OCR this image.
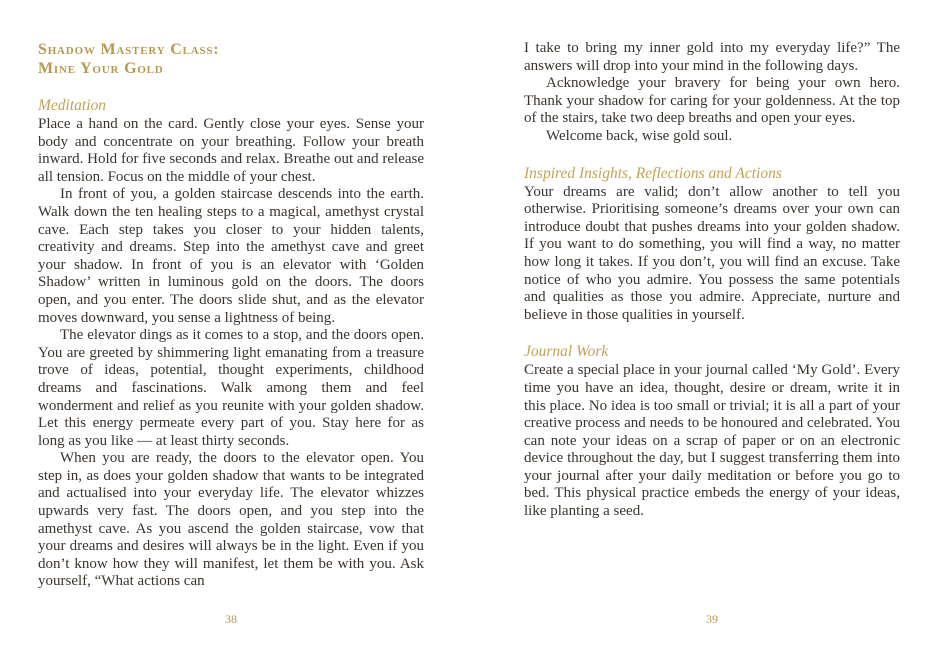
Shadow Mastery Class:
Mine Your Gold
Meditation

Place a hand on the card. Gently close your eyes. Sense your body and concentrate on your breathing. Follow your breath inward. Hold for five seconds and relax. Breathe out and release all tension. Focus on the middle of your chest.

In front of you, a golden staircase descends into the earth. Walk down the ten healing steps to a magical, amethyst crystal cave. Each step takes you closer to your hidden talents, creativity and dreams. Step into the amethyst cave and greet your shadow. In front of you is an elevator with ‘Golden Shadow’ written in luminous gold on the doors. The doors open, and you enter. The doors slide shut, and as the elevator moves downward, you sense a lightness of being.

The elevator dings as it comes to a stop, and the doors open. You are greeted by shimmering light emanating from a treasure trove of ideas, potential, thought experiments, childhood dreams and fascinations. Walk among them and feel wonderment and relief as you reunite with your golden shadow. Let this energy permeate every part of you. Stay here for as long as you like — at least thirty seconds.

When you are ready, the doors to the elevator open. You step in, as does your golden shadow that wants to be integrated and actualised into your everyday life. The elevator whizzes upwards very fast. The doors open, and you step into the amethyst cave. As you ascend the golden staircase, vow that your dreams and desires will always be in the light. Even if you don’t know how they will manifest, let them be with you. Ask yourself, “What actions can

38

I take to bring my inner gold into my everyday life?” The answers will drop into your mind in the following days.

Acknowledge your bravery for being your own hero. Thank your shadow for caring for your goldenness. At the top of the stairs, take two deep breaths and open your eyes.

Welcome back, wise gold soul.

Inspired Insights, Reflections and Actions

Your dreams are valid; don’t allow another to tell you otherwise. Prioritising someone’s dreams over your own can introduce doubt that pushes dreams into your golden shadow. If you want to do something, you will find a way, no matter how long it takes. If you don’t, you will find an excuse. Take notice of who you admire. You possess the same potentials and qualities as those you admire. Appreciate, nurture and believe in those qualities in yourself.

Journal Work

Create a special place in your journal called ‘My Gold’. Every time you have an idea, thought, desire or dream, write it in this place. No idea is too small or trivial; it is all a part of your creative process and needs to be honoured and celebrated. You can note your ideas on a scrap of paper or on an electronic device throughout the day, but I suggest transferring them into your journal after your daily meditation or before you go to bed. This physical practice embeds the energy of your ideas, like planting a seed.

39
